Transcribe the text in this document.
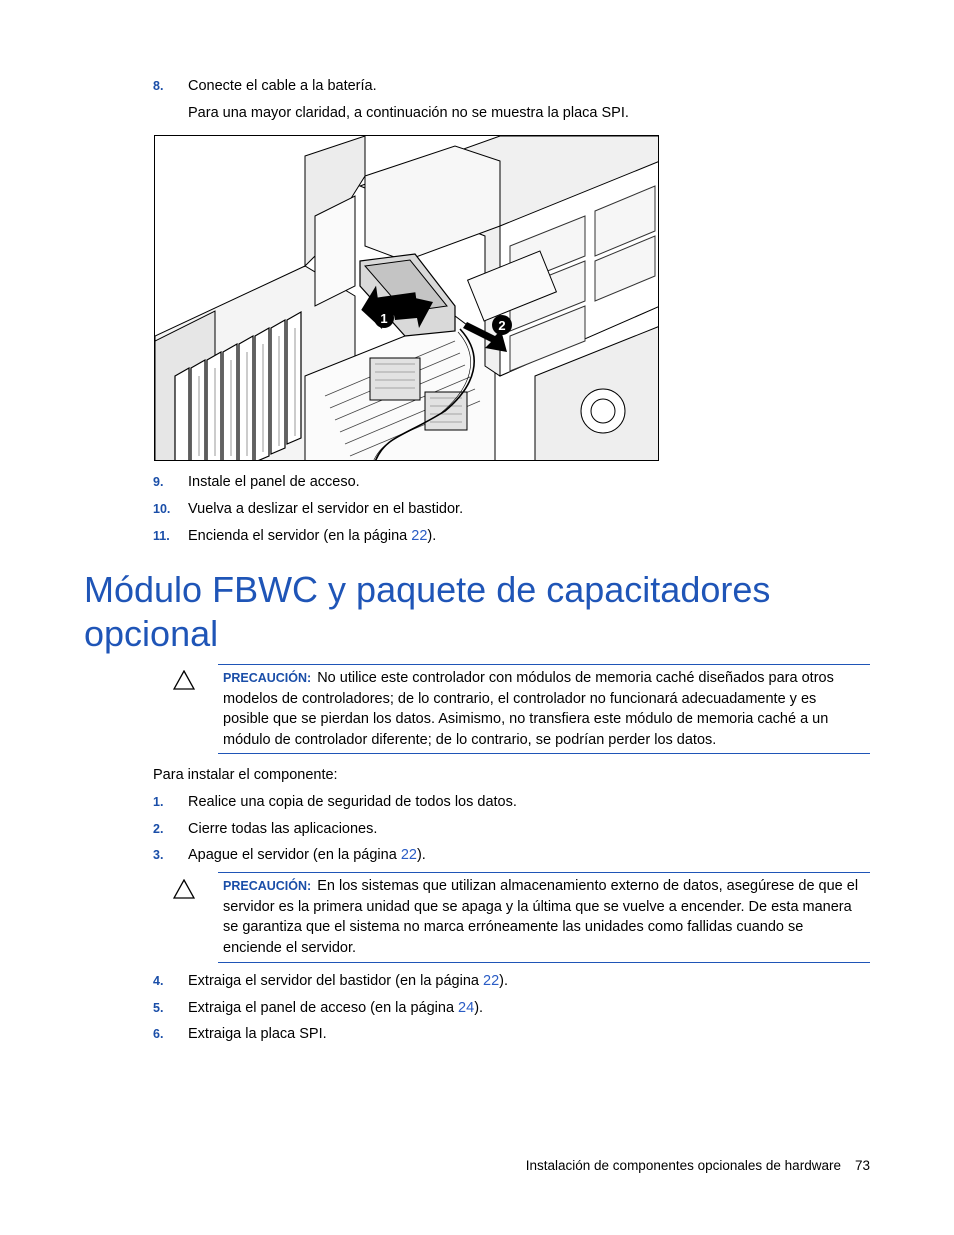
8. Conecte el cable a la batería.
Para una mayor claridad, a continuación no se muestra la placa SPI.
1	2
9. Instale el panel de acceso.
10. Vuelva a deslizar el servidor en el bastidor.
11. Encienda el servidor (en la página 22).
Módulo FBWC y paquete de capacitadores opcional
PRECAUCIÓN: No utilice este controlador con módulos de memoria caché diseñados para otros modelos de controladores; de lo contrario, el controlador no funcionará adecuadamente y es posible que se pierdan los datos. Asimismo, no transfiera este módulo de memoria caché a un módulo de controlador diferente; de lo contrario, se podrían perder los datos.
Para instalar el componente:
1. Realice una copia de seguridad de todos los datos.
2. Cierre todas las aplicaciones.
3. Apague el servidor (en la página 22).
PRECAUCIÓN: En los sistemas que utilizan almacenamiento externo de datos, asegúrese de que el servidor es la primera unidad que se apaga y la última que se vuelve a encender. De esta manera se garantiza que el sistema no marca erróneamente las unidades como fallidas cuando se enciende el servidor.
4. Extraiga el servidor del bastidor (en la página 22).
5. Extraiga el panel de acceso (en la página 24).
6. Extraiga la placa SPI.
Instalación de componentes opcionales de hardware 73
